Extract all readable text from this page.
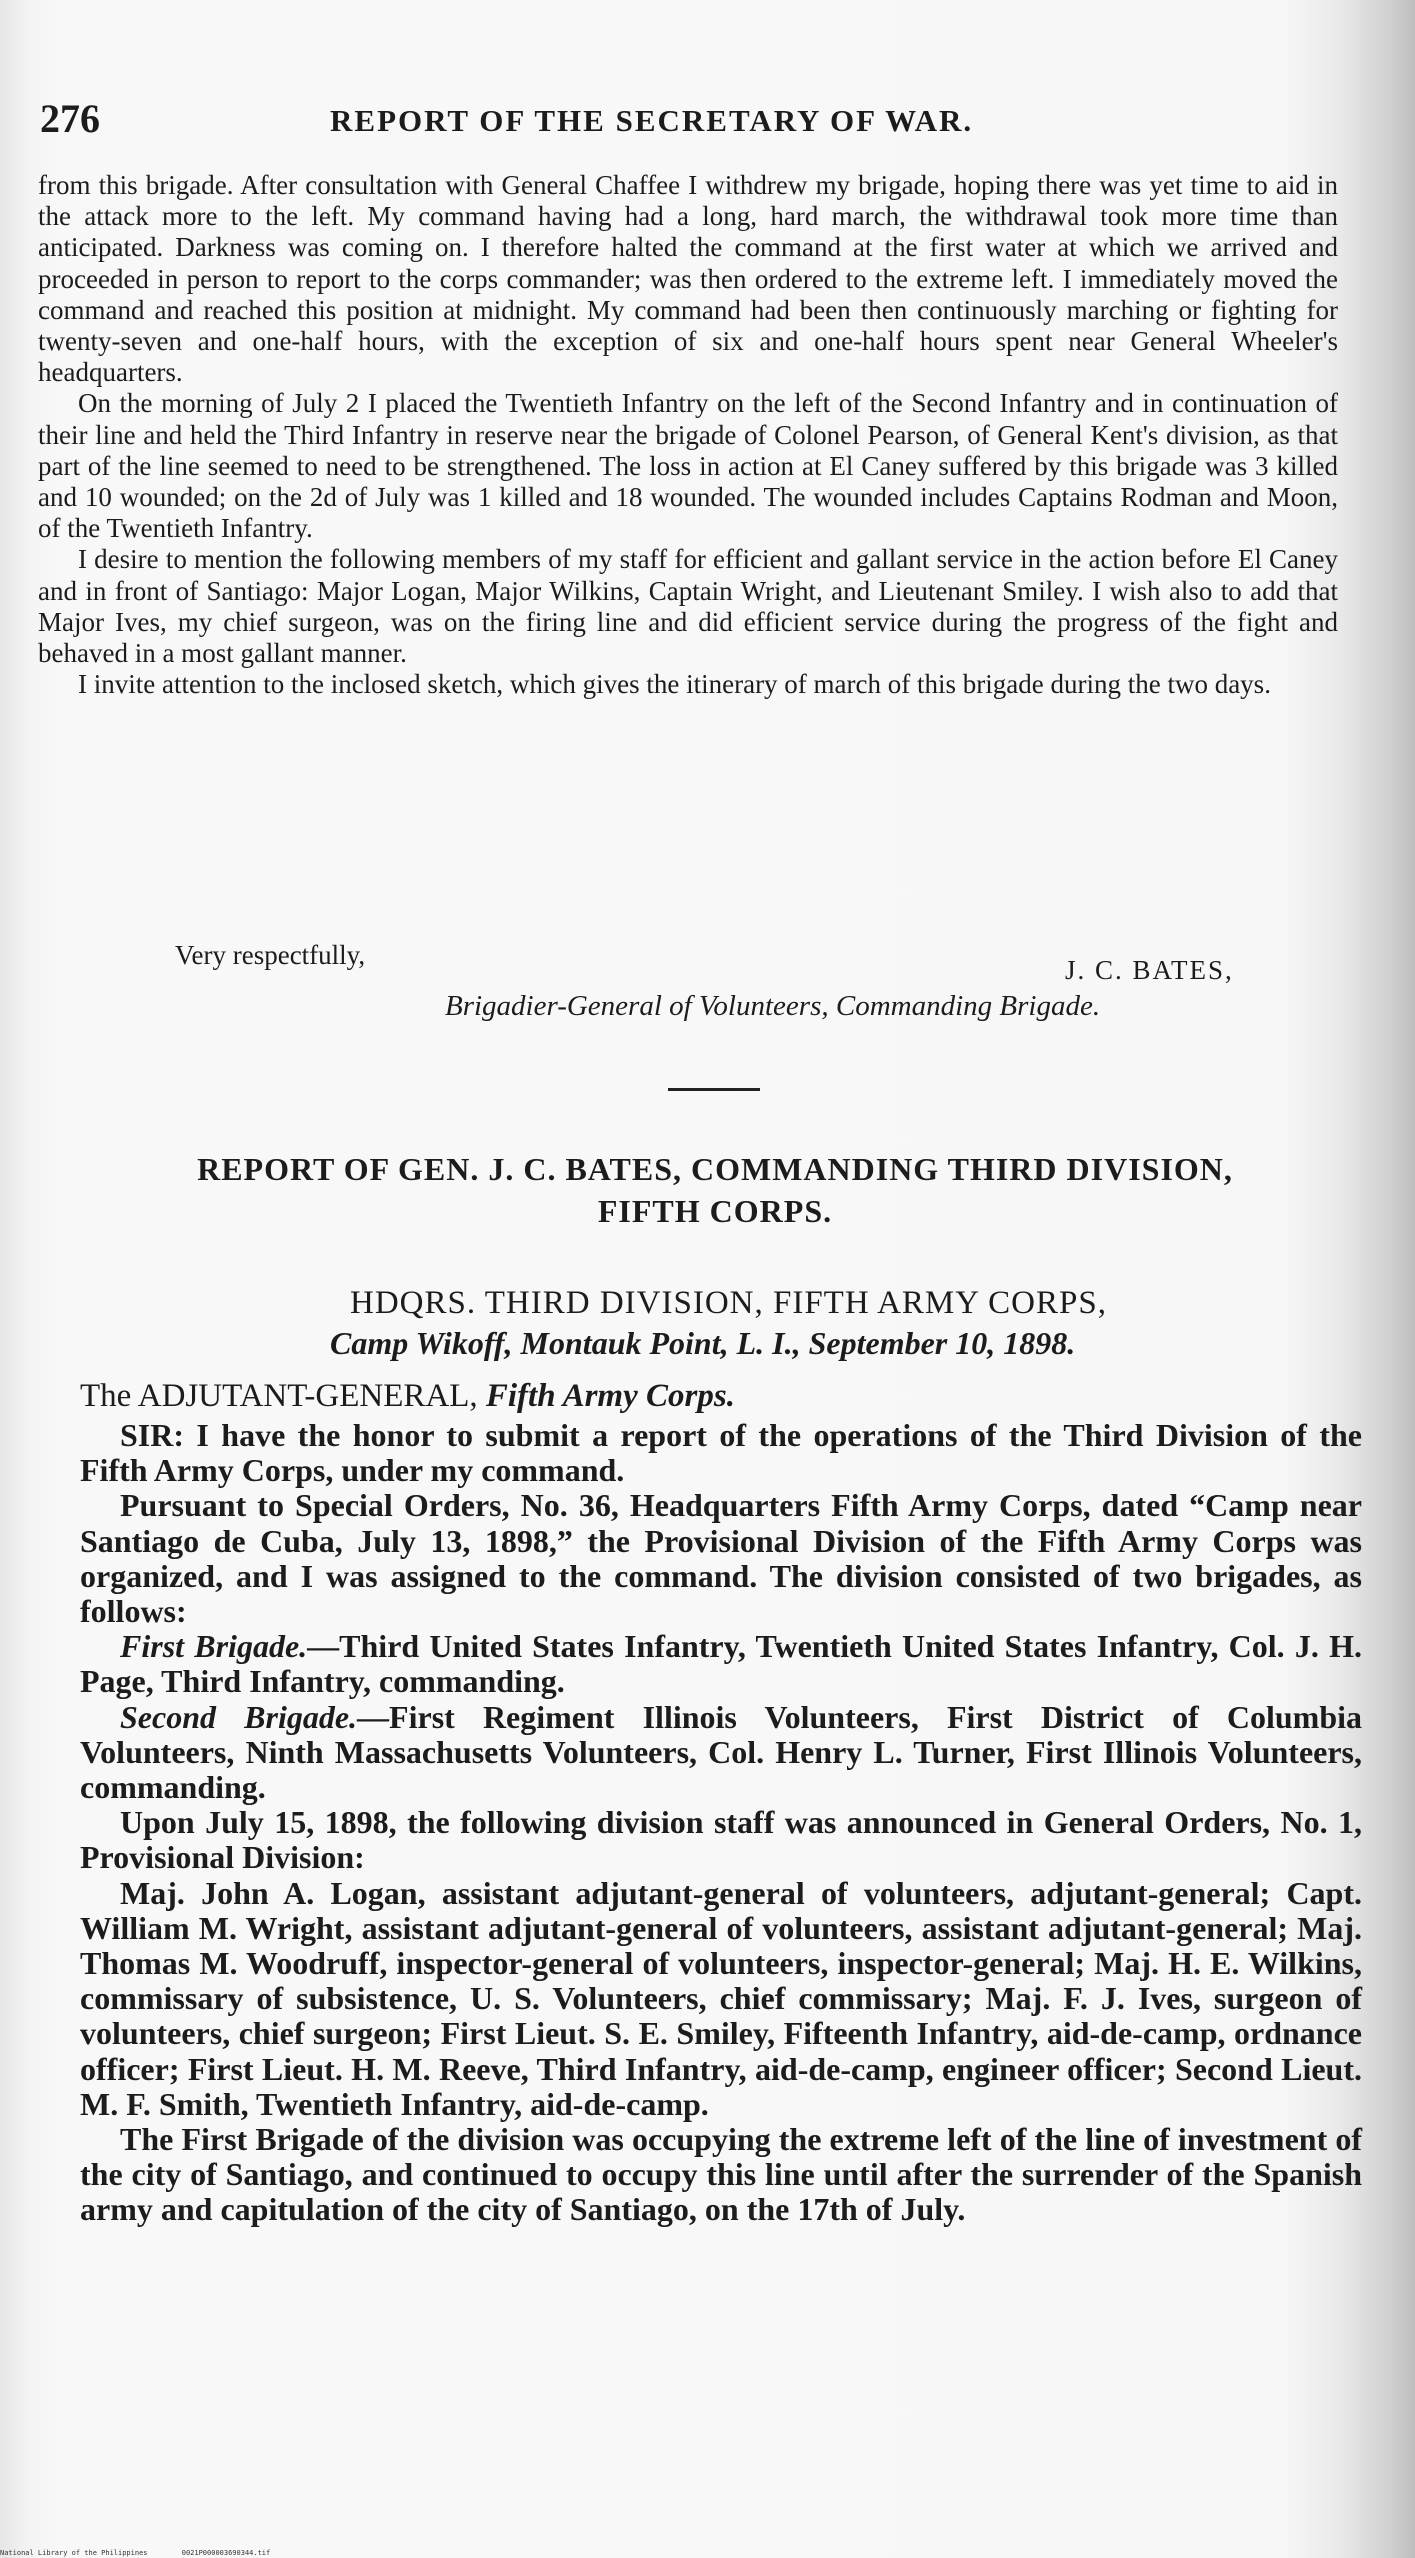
276	REPORT OF THE SECRETARY OF WAR.

from this brigade. After consultation with General Chaffee I withdrew my brigade, hoping there was yet time to aid in the attack more to the left. My command having had a long, hard march, the withdrawal took more time than anticipated. Darkness was coming on. I therefore halted the command at the first water at which we arrived and proceeded in person to report to the corps commander; was then ordered to the extreme left. I immediately moved the command and reached this position at midnight. My command had been then continuously marching or fighting for twenty-seven and one-half hours, with the exception of six and one-half hours spent near General Wheeler's headquarters.

On the morning of July 2 I placed the Twentieth Infantry on the left of the Second Infantry and in continuation of their line and held the Third Infantry in reserve near the brigade of Colonel Pearson, of General Kent's division, as that part of the line seemed to need to be strengthened. The loss in action at El Caney suffered by this brigade was 3 killed and 10 wounded; on the 2d of July was 1 killed and 18 wounded. The wounded includes Captains Rodman and Moon, of the Twentieth Infantry.

I desire to mention the following members of my staff for efficient and gallant service in the action before El Caney and in front of Santiago: Major Logan, Major Wilkins, Captain Wright, and Lieutenant Smiley. I wish also to add that Major Ives, my chief surgeon, was on the firing line and did efficient service during the progress of the fight and behaved in a most gallant manner.

I invite attention to the inclosed sketch, which gives the itinerary of march of this brigade during the two days.

Very respectfully,	J. C. BATES,
Brigadier-General of Volunteers, Commanding Brigade.
REPORT OF GEN. J. C. BATES, COMMANDING THIRD DIVISION,
FIFTH CORPS.
HDQRS. THIRD DIVISION, FIFTH ARMY CORPS,
Camp Wikoff, Montauk Point, L. I., September 10, 1898.
The ADJUTANT-GENERAL, Fifth Army Corps.

SIR: I have the honor to submit a report of the operations of the Third Division of the Fifth Army Corps, under my command.

Pursuant to Special Orders, No. 36, Headquarters Fifth Army Corps, dated “Camp near Santiago de Cuba, July 13, 1898,” the Provisional Division of the Fifth Army Corps was organized, and I was assigned to the command. The division consisted of two brigades, as follows:

First Brigade.—Third United States Infantry, Twentieth United States Infantry, Col. J. H. Page, Third Infantry, commanding.

Second Brigade.—First Regiment Illinois Volunteers, First District of Columbia Volunteers, Ninth Massachusetts Volunteers, Col. Henry L. Turner, First Illinois Volunteers, commanding.

Upon July 15, 1898, the following division staff was announced in General Orders, No. 1, Provisional Division:

Maj. John A. Logan, assistant adjutant-general of volunteers, adjutant-general; Capt. William M. Wright, assistant adjutant-general of volunteers, assistant adjutant-general; Maj. Thomas M. Woodruff, inspector-general of volunteers, inspector-general; Maj. H. E. Wilkins, commissary of subsistence, U. S. Volunteers, chief commissary; Maj. F. J. Ives, surgeon of volunteers, chief surgeon; First Lieut. S. E. Smiley, Fifteenth Infantry, aid-de-camp, ordnance officer; First Lieut. H. M. Reeve, Third Infantry, aid-de-camp, engineer officer; Second Lieut. M. F. Smith, Twentieth Infantry, aid-de-camp.

The First Brigade of the division was occupying the extreme left of the line of investment of the city of Santiago, and continued to occupy this line until after the surrender of the Spanish army and capitulation of the city of Santiago, on the 17th of July.

National Library of the Philippines	0021P000003690344.tif
